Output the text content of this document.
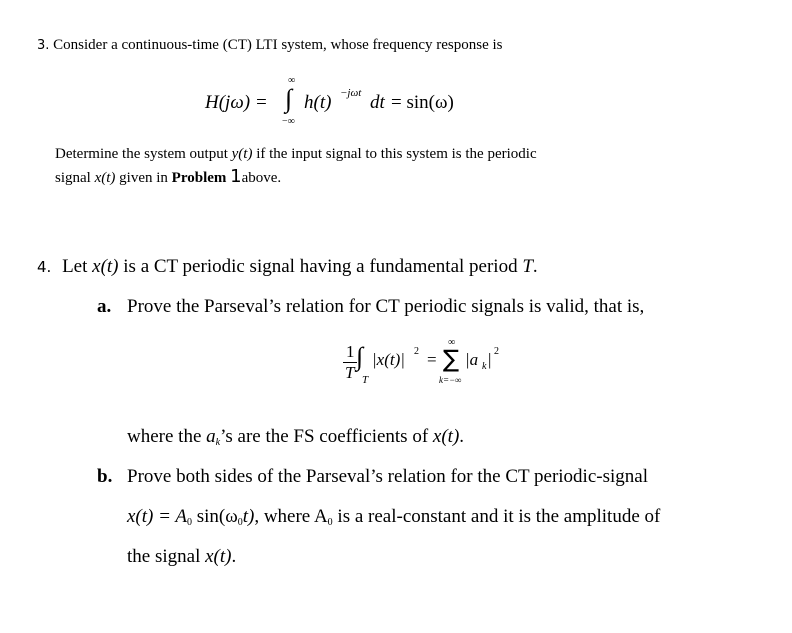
3. Consider a continuous-time (CT) LTI system, whose frequency response is
H(jω) =
∞
∫
−∞
h(t) −jωt dt = sin(ω)
Determine the system output y(t) if the input signal to this system is the periodic
signal x(t) given in Problem 1above.
4. Let x(t) is a CT periodic signal having a fundamental period T.
a. Prove the Parseval’s relation for CT periodic signals is valid, that is,
1
T
∫
T
|x(t)| 2 =
∞
∑
k=−∞
|a k | 2
where the $a_k’s$ are the FS coefficients of x(t).
b. Prove both sides of the Parseval’s relation for the CT periodic-signal
$x(t) = A_0$ $\sin(\omega_0t)$, where $A_0$ is a real-constant and it is the amplitude of
the signal x(t).
